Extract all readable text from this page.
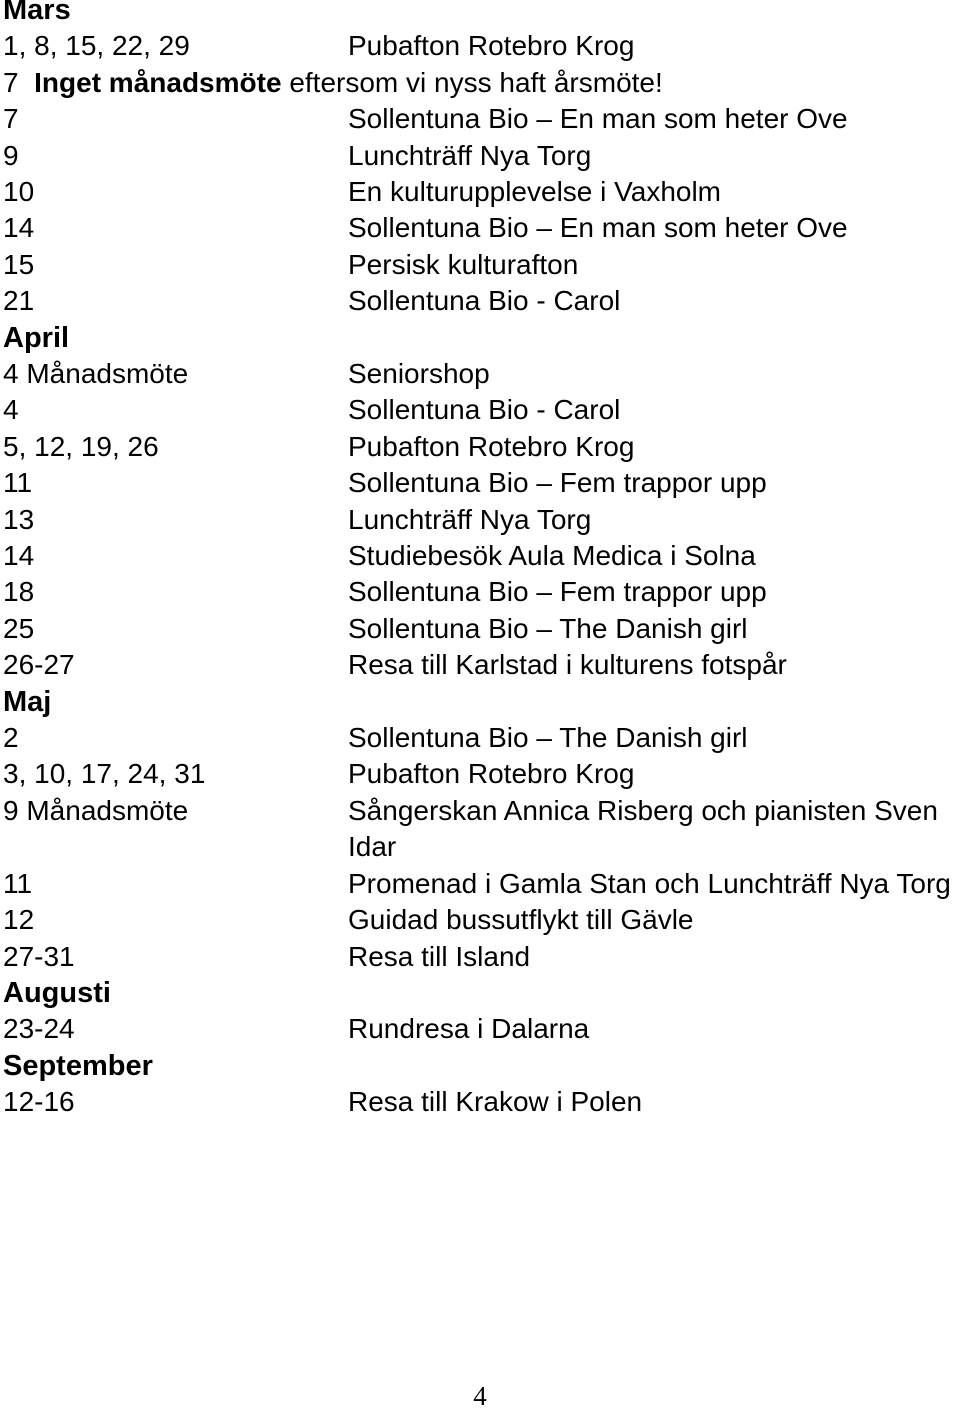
Mars
1, 8, 15, 22, 29	Pubafton Rotebro Krog
7 Inget månadsmöte eftersom vi nyss haft årsmöte!
7	Sollentuna Bio – En man som heter Ove
9	Lunchträff Nya Torg
10	En kulturupplevelse i Vaxholm
14	Sollentuna Bio – En man som heter Ove
15	Persisk kulturafton
21	Sollentuna Bio - Carol
April
4 Månadsmöte	Seniorshop
4	Sollentuna Bio - Carol
5, 12, 19, 26	Pubafton Rotebro Krog
11	Sollentuna Bio – Fem trappor upp
13	Lunchträff Nya Torg
14	Studiebesök Aula Medica i Solna
18	Sollentuna Bio – Fem trappor upp
25	Sollentuna Bio – The Danish girl
26-27	Resa till Karlstad i kulturens fotspår
Maj
2	Sollentuna Bio – The Danish girl
3, 10, 17, 24, 31	Pubafton Rotebro Krog
9 Månadsmöte	Sångerskan Annica Risberg och pianisten Sven Idar
11	Promenad i Gamla Stan och Lunchträff Nya Torg
12	Guidad bussutflykt till Gävle
27-31	Resa till Island
Augusti
23-24	Rundresa i Dalarna
September
12-16	Resa till Krakow i Polen
4
